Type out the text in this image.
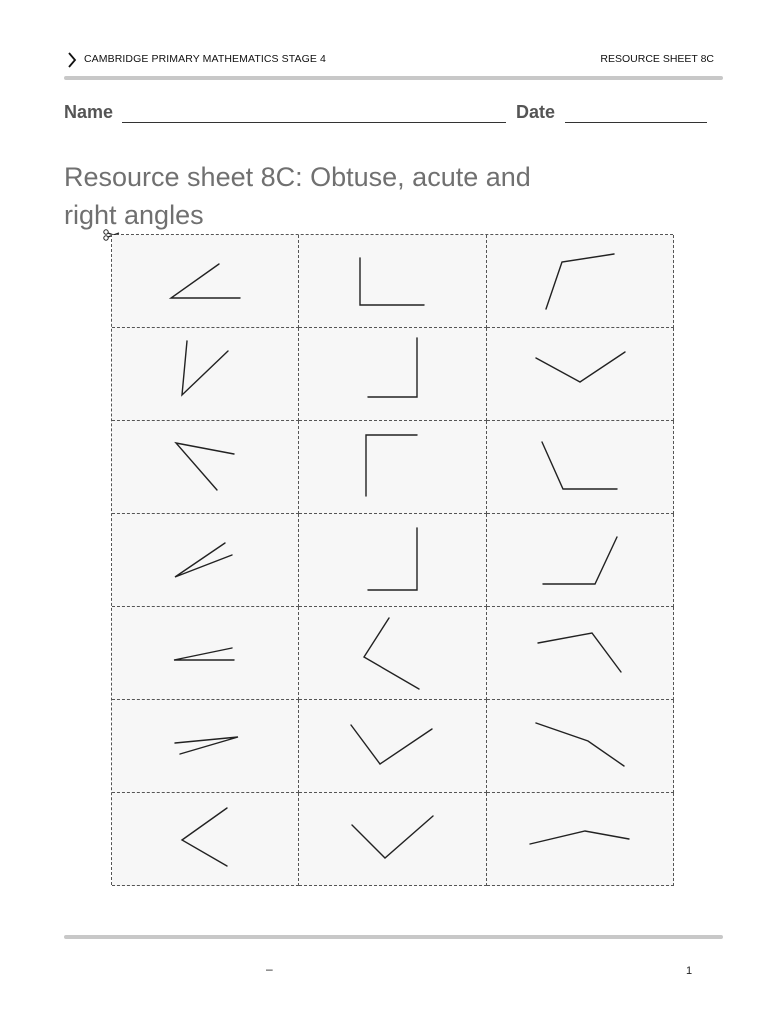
CAMBRIDGE PRIMARY MATHEMATICS STAGE 4	RESOURCE SHEET 8C
Name	Date
Resource sheet 8C: Obtuse, acute and right angles
–	1
